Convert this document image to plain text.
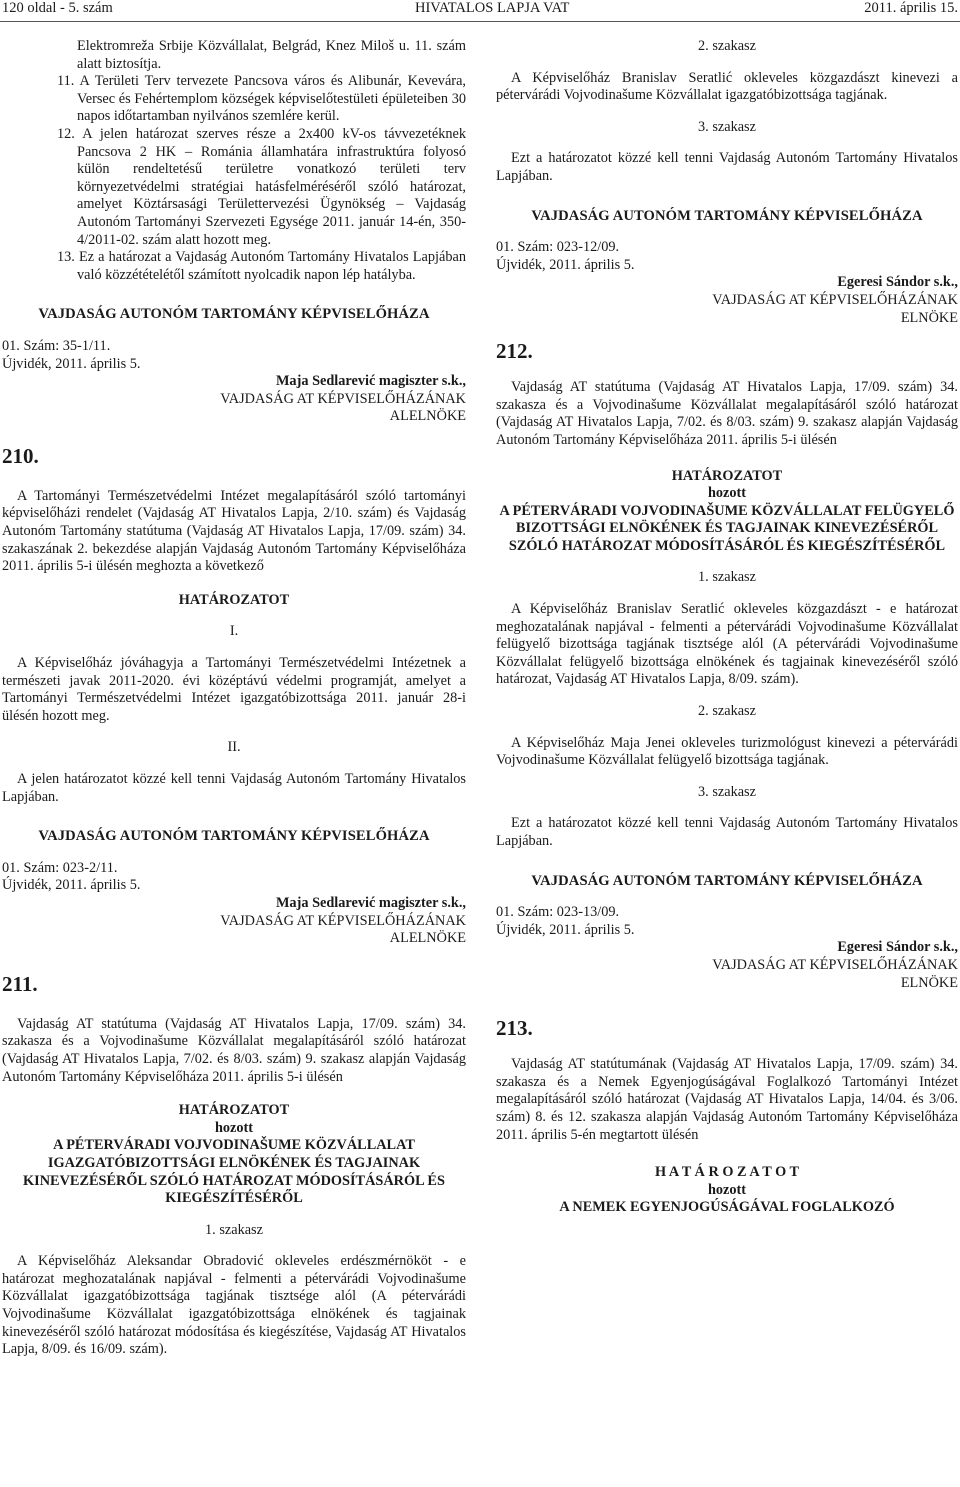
120 oldal - 5. szám	HIVATALOS LAPJA VAT	2011. április 15.

Elektromreža Srbije Közvállalat, Belgrád, Knez Miloš u. 11. szám alatt biztosítja.

11. A Területi Terv tervezete Pancsova város és Alibunár, Kevevára, Versec és Fehértemplom községek képviselőtestületi épületeiben 30 napos időtartamban nyilvános szemlére kerül.

12. A jelen határozat szerves része a 2x400 kV-os távvezetéknek Pancsova 2 HK – Románia államhatára infrastruktúra folyosó külön rendeltetésű területre vonatkozó területi terv környezetvédelmi stratégiai hatásfelméréséről szóló határozat, amelyet Köztársasági Területtervezési Ügynökség – Vajdaság Autonóm Tartományi Szervezeti Egysége 2011. január 14-én, 350-4/2011-02. szám alatt hozott meg.

13. Ez a határozat a Vajdaság Autonóm Tartomány Hivatalos Lapjában való közzétételétől számított nyolcadik napon lép hatályba.

VAJDASÁG AUTONÓM TARTOMÁNY KÉPVISELŐHÁZA

01. Szám: 35-1/11.

Újvidék, 2011. április 5.

Maja Sedlarević magiszter s.k.,

VAJDASÁG AT KÉPVISELŐHÁZÁNAK

ALELNÖKE

210.

A Tartományi Természetvédelmi Intézet megalapításáról szóló tartományi képviselőházi rendelet (Vajdaság AT Hivatalos Lapja, 2/10. szám) és Vajdaság Autonóm Tartomány statútuma (Vajdaság AT Hivatalos Lapja, 17/09. szám) 34. szakaszának 2. bekezdése alapján Vajdaság Autonóm Tartomány Képviselőháza 2011. április 5-i ülésén meghozta a következő

HATÁROZATOT

I.

A Képviselőház jóváhagyja a Tartományi Természetvédelmi Intézetnek a természeti javak 2011-2020. évi középtávú védelmi programját, amelyet a Tartományi Természetvédelmi Intézet igazgatóbizottsága 2011. január 28-i ülésén hozott meg.

II.

A jelen határozatot közzé kell tenni Vajdaság Autonóm Tartomány Hivatalos Lapjában.

VAJDASÁG AUTONÓM TARTOMÁNY KÉPVISELŐHÁZA

01. Szám: 023-2/11.

Újvidék, 2011. április 5.

Maja Sedlarević magiszter s.k.,

VAJDASÁG AT KÉPVISELŐHÁZÁNAK

ALELNÖKE

211.

Vajdaság AT statútuma (Vajdaság AT Hivatalos Lapja, 17/09. szám) 34. szakasza és a Vojvodinašume Közvállalat megalapításáról szóló határozat (Vajdaság AT Hivatalos Lapja, 7/02. és 8/03. szám) 9. szakasz alapján Vajdaság Autonóm Tartomány Képviselőháza 2011. április 5-i ülésén

HATÁROZATOT

hozott

A PÉTERVÁRADI VOJVODINAŠUME KÖZVÁLLALAT IGAZGATÓBIZOTTSÁGI ELNÖKÉNEK ÉS TAGJAINAK KINEVEZÉSÉRŐL SZÓLÓ HATÁROZAT MÓDOSÍTÁSÁRÓL ÉS KIEGÉSZÍTÉSÉRŐL

1. szakasz

A Képviselőház Aleksandar Obradović okleveles erdészmérnököt - e határozat meghozatalának napjával - felmenti a pétervárádi Vojvodinašume Közvállalat igazgatóbizottsága tagjának tisztsége alól (A pétervárádi Vojvodinašume Közvállalat igazgatóbizottsága elnökének és tagjainak kinevezéséről szóló határozat módosítása és kiegészítése, Vajdaság AT Hivatalos Lapja, 8/09. és 16/09. szám).

2. szakasz

A Képviselőház Branislav Seratlić okleveles közgazdászt kinevezi a pétervárádi Vojvodinašume Közvállalat igazgatóbizottsága tagjának.

3. szakasz

Ezt a határozatot közzé kell tenni Vajdaság Autonóm Tartomány Hivatalos Lapjában.

VAJDASÁG AUTONÓM TARTOMÁNY KÉPVISELŐHÁZA

01. Szám: 023-12/09.

Újvidék, 2011. április 5.

Egeresi Sándor s.k.,

VAJDASÁG AT KÉPVISELŐHÁZÁNAK

ELNÖKE

212.

Vajdaság AT statútuma (Vajdaság AT Hivatalos Lapja, 17/09. szám) 34. szakasza és a Vojvodinašume Közvállalat megalapításáról szóló határozat (Vajdaság AT Hivatalos Lapja, 7/02. és 8/03. szám) 9. szakasz alapján Vajdaság Autonóm Tartomány Képviselőháza 2011. április 5-i ülésén

HATÁROZATOT

hozott

A PÉTERVÁRADI VOJVODINAŠUME KÖZVÁLLALAT FELÜGYELŐ BIZOTTSÁGI ELNÖKÉNEK ÉS TAGJAINAK KINEVEZÉSÉRŐL SZÓLÓ HATÁROZAT MÓDOSÍTÁSÁRÓL ÉS KIEGÉSZÍTÉSÉRŐL

1. szakasz

A Képviselőház Branislav Seratlić okleveles közgazdászt - e határozat meghozatalának napjával - felmenti a pétervárádi Vojvodinašume Közvállalat felügyelő bizottsága tagjának tisztsége alól (A pétervárádi Vojvodinašume Közvállalat felügyelő bizottsága elnökének és tagjainak kinevezéséről szóló határozat, Vajdaság AT Hivatalos Lapja, 8/09. szám).

2. szakasz

A Képviselőház Maja Jenei okleveles turizmológust kinevezi a pétervárádi Vojvodinašume Közvállalat felügyelő bizottsága tagjának.

3. szakasz

Ezt a határozatot közzé kell tenni Vajdaság Autonóm Tartomány Hivatalos Lapjában.

VAJDASÁG AUTONÓM TARTOMÁNY KÉPVISELŐHÁZA

01. Szám: 023-13/09.

Újvidék, 2011. április 5.

Egeresi Sándor s.k.,

VAJDASÁG AT KÉPVISELŐHÁZÁNAK

ELNÖKE

213.

Vajdaság AT statútumának (Vajdaság AT Hivatalos Lapja, 17/09. szám) 34. szakasza és a Nemek Egyenjogúságával Foglalkozó Tartományi Intézet megalapításáról szóló határozat (Vajdaság AT Hivatalos Lapja, 14/04. és 3/06. szám) 8. és 12. szakasza alapján Vajdaság Autonóm Tartomány Képviselőháza 2011. április 5-én megtartott ülésén

H A T Á R O Z A T O T

hozott

A NEMEK EGYENJOGÚSÁGÁVAL FOGLALKOZÓ
